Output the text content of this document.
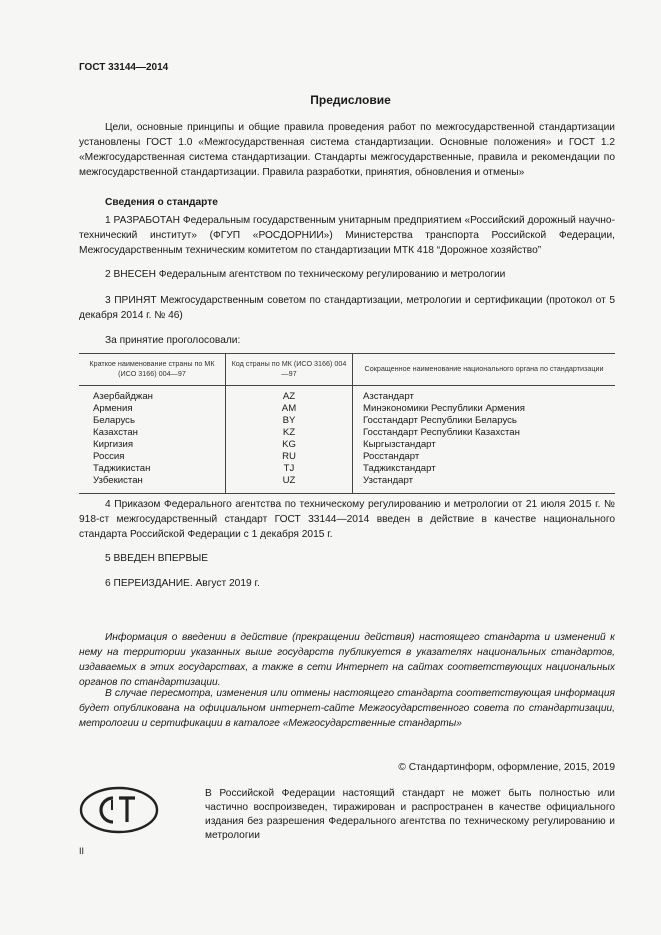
ГОСТ 33144—2014
Предисловие
Цели, основные принципы и общие правила проведения работ по межгосударственной стандартизации установлены ГОСТ 1.0 «Межгосударственная система стандартизации. Основные положения» и ГОСТ 1.2 «Межгосударственная система стандартизации. Стандарты межгосударственные, правила и рекомендации по межгосударственной стандартизации. Правила разработки, принятия, обновления и отмены»
Сведения о стандарте
1 РАЗРАБОТАН Федеральным государственным унитарным предприятием «Российский дорожный научно-технический институт» (ФГУП «РОСДОРНИИ») Министерства транспорта Российской Федерации, Межгосударственным техническим комитетом по стандартизации МТК 418 “Дорожное хозяйство”
2 ВНЕСЕН Федеральным агентством по техническому регулированию и метрологии
3 ПРИНЯТ Межгосударственным советом по стандартизации, метрологии и сертификации (протокол от 5 декабря 2014 г. № 46)
За принятие проголосовали:
Краткое наименование страны по МК (ИСО 3166) 004—97	Код страны по МК (ИСО 3166) 004—97	Сокращенное наименование национального органа по стандартизации
Азербайджан	AZ	Азстандарт
Армения	AM	Минэкономики Республики Армения
Беларусь	BY	Госстандарт Республики Беларусь
Казахстан	KZ	Госстандарт Республики Казахстан
Киргизия	KG	Кыргызстандарт
Россия	RU	Росстандарт
Таджикистан	TJ	Таджикстандарт
Узбекистан	UZ	Узстандарт
4 Приказом Федерального агентства по техническому регулированию и метрологии от 21 июля 2015 г. № 918-ст межгосударственный стандарт ГОСТ 33144—2014 введен в действие в качестве национального стандарта Российской Федерации с 1 декабря 2015 г.
5 ВВЕДЕН ВПЕРВЫЕ
6 ПЕРЕИЗДАНИЕ. Август 2019 г.
Информация о введении в действие (прекращении действия) настоящего стандарта и изменений к нему на территории указанных выше государств публикуется в указателях национальных стандартов, издаваемых в этих государствах, а также в сети Интернет на сайтах соответствующих национальных органов по стандартизации.
В случае пересмотра, изменения или отмены настоящего стандарта соответствующая информация будет опубликована на официальном интернет-сайте Межгосударственного совета по стандартизации, метрологии и сертификации в каталоге «Межгосударственные стандарты»
© Стандартинформ, оформление, 2015, 2019
В Российской Федерации настоящий стандарт не может быть полностью или частично воспроизведен, тиражирован и распространен в качестве официального издания без разрешения Федерального агентства по техническому регулированию и метрологии
II
